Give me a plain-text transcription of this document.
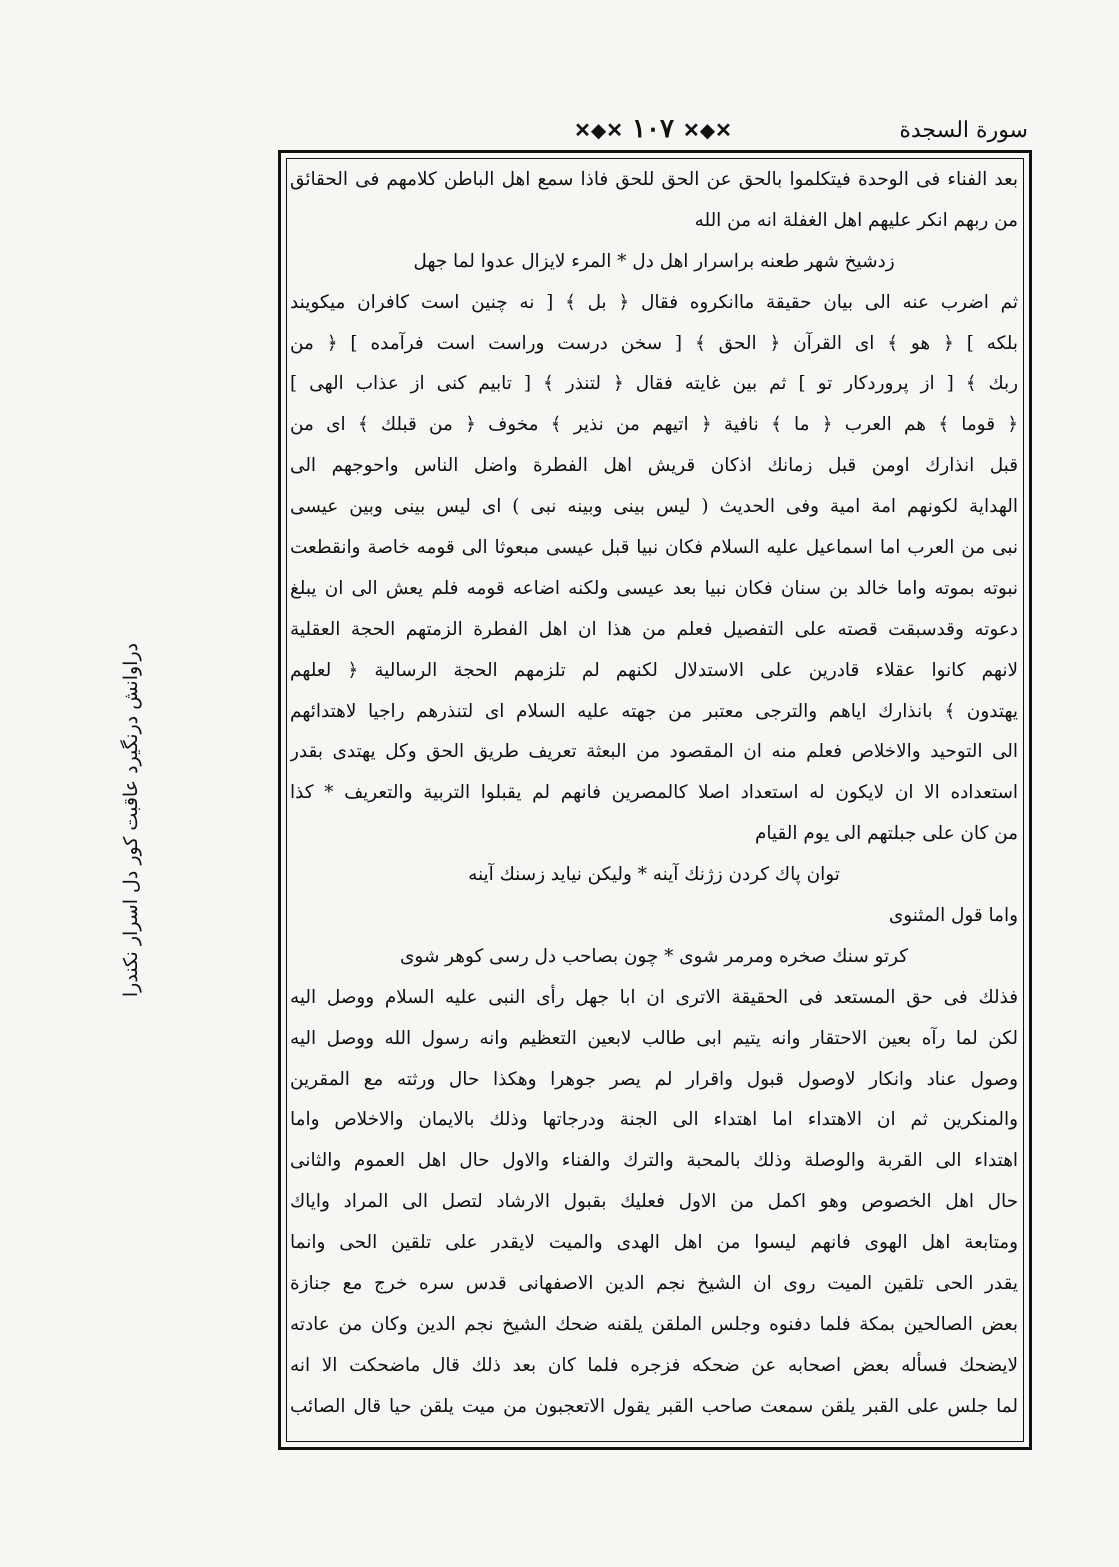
سورة السجدة
✕◆✕ ۱۰۷ ✕◆✕
دراوانش درنگیرد عاقبت کور دل اسرار نکندرا
بعد الفناء فى الوحدة فيتكلموا بالحق عن الحق للحق فاذا سمع اهل الباطن كلامهم فى الحقائق
من ربهم انكر عليهم اهل الغفلة انه من الله
زدشيخ شهر طعنه براسرار اهل دل * المرء لايزال عدوا لما جهل
ثم اضرب عنه الى بيان حقيقة ماانكروه فقال ﴿ بل ﴾ [ نه چنين است كافران ميكويند
بلكه ] ﴿ هو ﴾ اى القرآن ﴿ الحق ﴾ [ سخن درست وراست است فرآمده ] ﴿ من
ربك ﴾ [ از پروردكار تو ] ثم بين غايته فقال ﴿ لتنذر ﴾ [ تابيم كنى از عذاب الهى ]
﴿ قوما ﴾ هم العرب ﴿ ما ﴾ نافية ﴿ اتيهم من نذير ﴾ مخوف ﴿ من قبلك ﴾ اى من
قبل انذارك اومن قبل زمانك اذكان قريش اهل الفطرة واضل الناس واحوجهم الى
الهداية لكونهم امة امية وفى الحديث ( ليس بينى وبينه نبى ) اى ليس بينى وبين عيسى
نبى من العرب اما اسماعيل عليه السلام فكان نبيا قبل عيسى مبعوثا الى قومه خاصة وانقطعت
نبوته بموته واما خالد بن سنان فكان نبيا بعد عيسى ولكنه اضاعه قومه فلم يعش الى ان يبلغ
دعوته وقدسبقت قصته على التفصيل فعلم من هذا ان اهل الفطرة الزمتهم الحجة العقلية
لانهم كانوا عقلاء قادرين على الاستدلال لكنهم لم تلزمهم الحجة الرسالية ﴿ لعلهم
يهتدون ﴾ بانذارك اياهم والترجى معتبر من جهته عليه السلام اى لتنذرهم راجيا لاهتدائهم
الى التوحيد والاخلاص فعلم منه ان المقصود من البعثة تعريف طريق الحق وكل يهتدى بقدر
استعداده الا ان لايكون له استعداد اصلا كالمصرين فانهم لم يقبلوا التربية والتعريف * كذا
من كان على جبلتهم الى يوم القيام
توان پاك كردن زژنك آينه * وليكن نيايد زسنك آينه
واما قول المثنوى
كرتو سنك صخره ومرمر شوى * چون بصاحب دل رسى كوهر شوى
فذلك فى حق المستعد فى الحقيقة الاترى ان ابا جهل رأى النبى عليه السلام ووصل اليه
لكن لما رآه بعين الاحتقار وانه يتيم ابى طالب لابعين التعظيم وانه رسول الله ووصل اليه
وصول عناد وانكار لاوصول قبول واقرار لم يصر جوهرا وهكذا حال ورثته مع المقرين
والمنكرين ثم ان الاهتداء اما اهتداء الى الجنة ودرجاتها وذلك بالايمان والاخلاص واما
اهتداء الى القربة والوصلة وذلك بالمحبة والترك والفناء والاول حال اهل العموم والثانى
حال اهل الخصوص وهو اكمل من الاول فعليك بقبول الارشاد لتصل الى المراد واياك
ومتابعة اهل الهوى فانهم ليسوا من اهل الهدى والميت لايقدر على تلقين الحى وانما
يقدر الحى تلقين الميت روى ان الشيخ نجم الدين الاصفهانى قدس سره خرج مع جنازة
بعض الصالحين بمكة فلما دفنوه وجلس الملقن يلقنه ضحك الشيخ نجم الدين وكان من عادته
لايضحك فسأله بعض اصحابه عن ضحكه فزجره فلما كان بعد ذلك قال ماضحكت الا انه
لما جلس على القبر يلقن سمعت صاحب القبر يقول الاتعجبون من ميت يلقن حيا قال الصائب
